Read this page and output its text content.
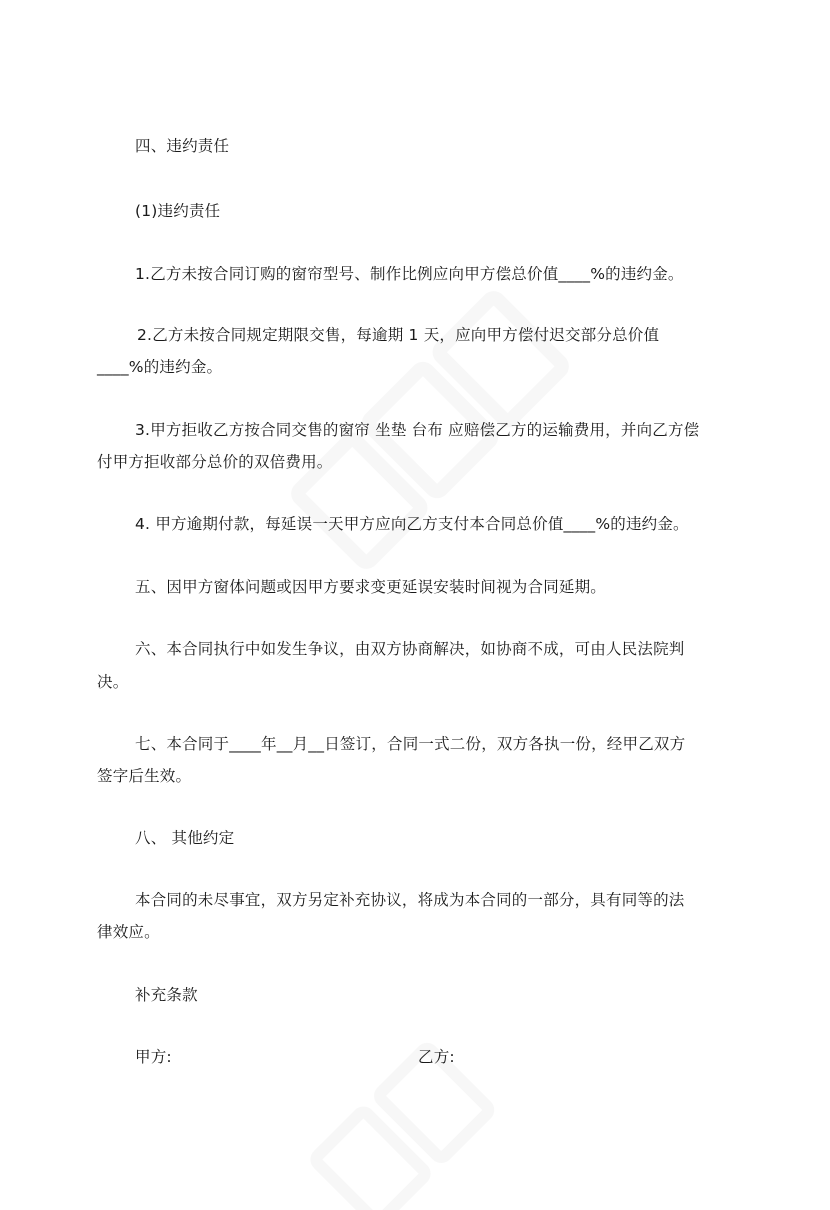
四、违约责任
(1)违约责任
1.乙方未按合同订购的窗帘型号、制作比例应向甲方偿总价值____%的违约金。
2.乙方未按合同规定期限交售，每逾期 1 天，应向甲方偿付迟交部分总价值
____%的违约金。
3.甲方拒收乙方按合同交售的窗帘 坐垫 台布 应赔偿乙方的运输费用，并向乙方偿
付甲方拒收部分总价的双倍费用。
4. 甲方逾期付款，每延误一天甲方应向乙方支付本合同总价值____%的违约金。
五、因甲方窗体问题或因甲方要求变更延误安装时间视为合同延期。
六、本合同执行中如发生争议，由双方协商解决，如协商不成，可由人民法院判
决。
七、本合同于____年__月__日签订，合同一式二份，双方各执一份，经甲乙双方
签字后生效。
八、 其他约定
本合同的未尽事宜，双方另定补充协议，将成为本合同的一部分，具有同等的法
律效应。
补充条款
甲方:	乙方:
